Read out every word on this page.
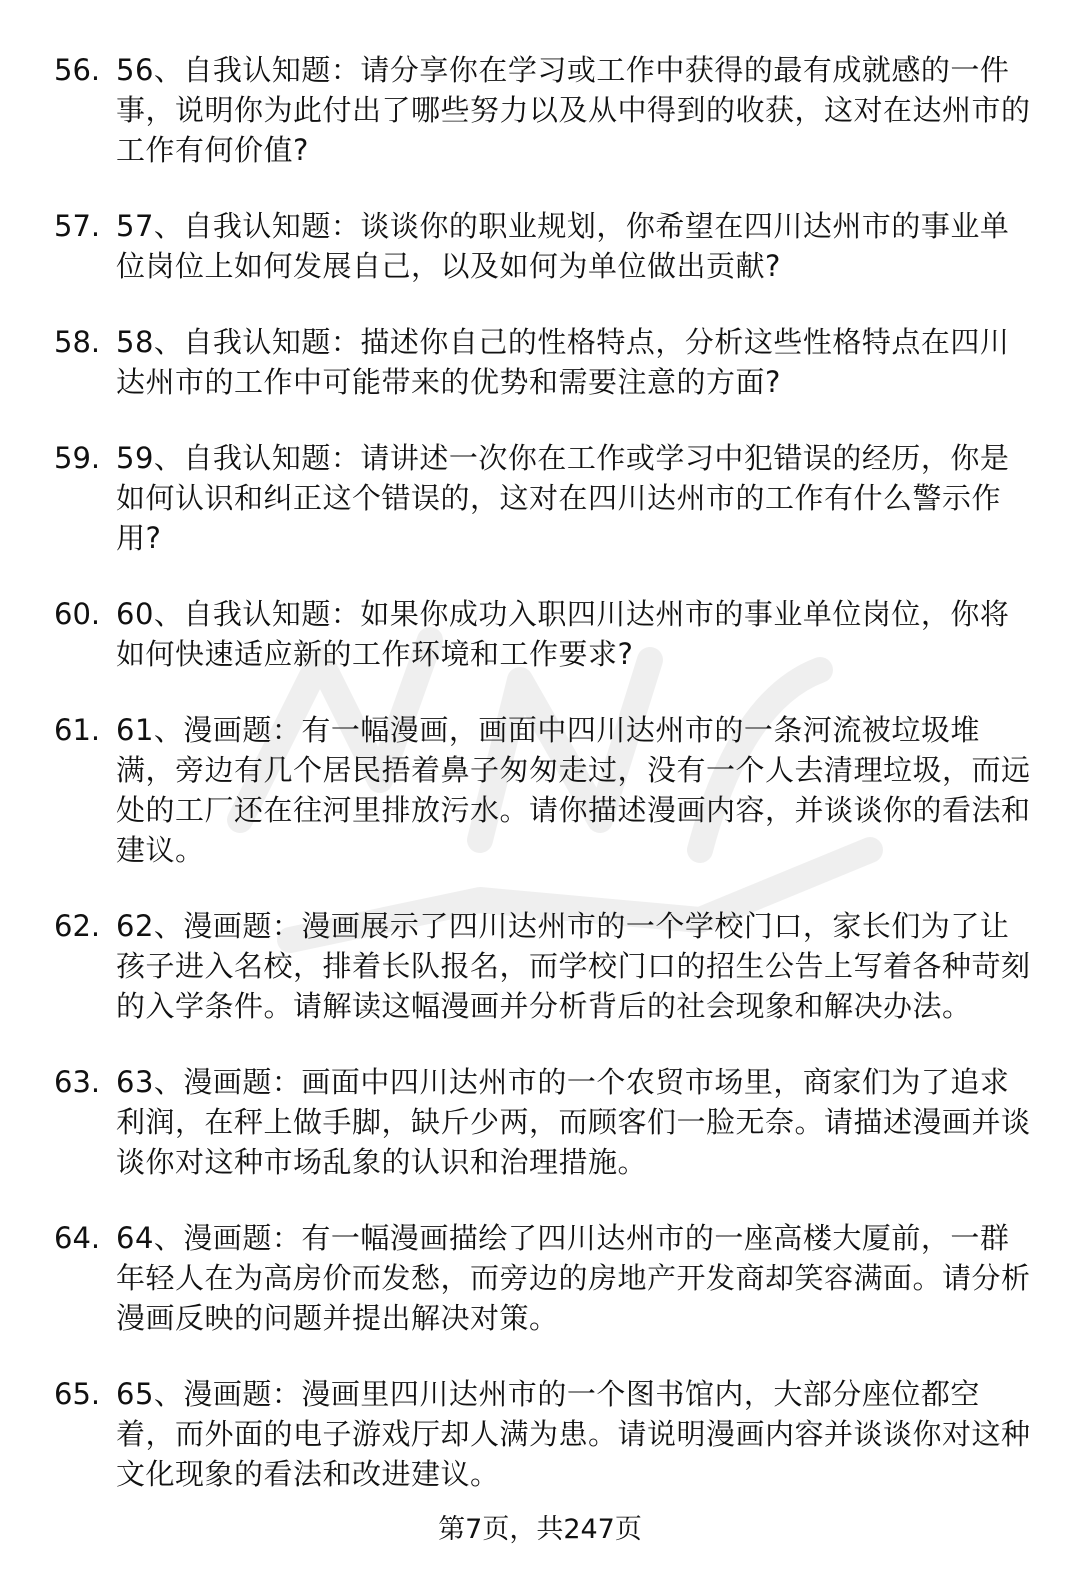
56. 56、自我认知题：请分享你在学习或工作中获得的最有成就感的一件事，说明你为此付出了哪些努力以及从中得到的收获，这对在达州市的工作有何价值?
57. 57、自我认知题：谈谈你的职业规划，你希望在四川达州市的事业单位岗位上如何发展自己，以及如何为单位做出贡献?
58. 58、自我认知题：描述你自己的性格特点，分析这些性格特点在四川达州市的工作中可能带来的优势和需要注意的方面?
59. 59、自我认知题：请讲述一次你在工作或学习中犯错误的经历，你是如何认识和纠正这个错误的，这对在四川达州市的工作有什么警示作用?
60. 60、自我认知题：如果你成功入职四川达州市的事业单位岗位，你将如何快速适应新的工作环境和工作要求?
61. 61、漫画题：有一幅漫画，画面中四川达州市的一条河流被垃圾堆满，旁边有几个居民捂着鼻子匆匆走过，没有一个人去清理垃圾，而远处的工厂还在往河里排放污水。请你描述漫画内容，并谈谈你的看法和建议。
62. 62、漫画题：漫画展示了四川达州市的一个学校门口，家长们为了让孩子进入名校，排着长队报名，而学校门口的招生公告上写着各种苛刻的入学条件。请解读这幅漫画并分析背后的社会现象和解决办法。
63. 63、漫画题：画面中四川达州市的一个农贸市场里，商家们为了追求利润，在秤上做手脚，缺斤少两，而顾客们一脸无奈。请描述漫画并谈谈你对这种市场乱象的认识和治理措施。
64. 64、漫画题：有一幅漫画描绘了四川达州市的一座高楼大厦前，一群年轻人在为高房价而发愁，而旁边的房地产开发商却笑容满面。请分析漫画反映的问题并提出解决对策。
65. 65、漫画题：漫画里四川达州市的一个图书馆内，大部分座位都空着，而外面的电子游戏厅却人满为患。请说明漫画内容并谈谈你对这种文化现象的看法和改进建议。
第7页，共247页
